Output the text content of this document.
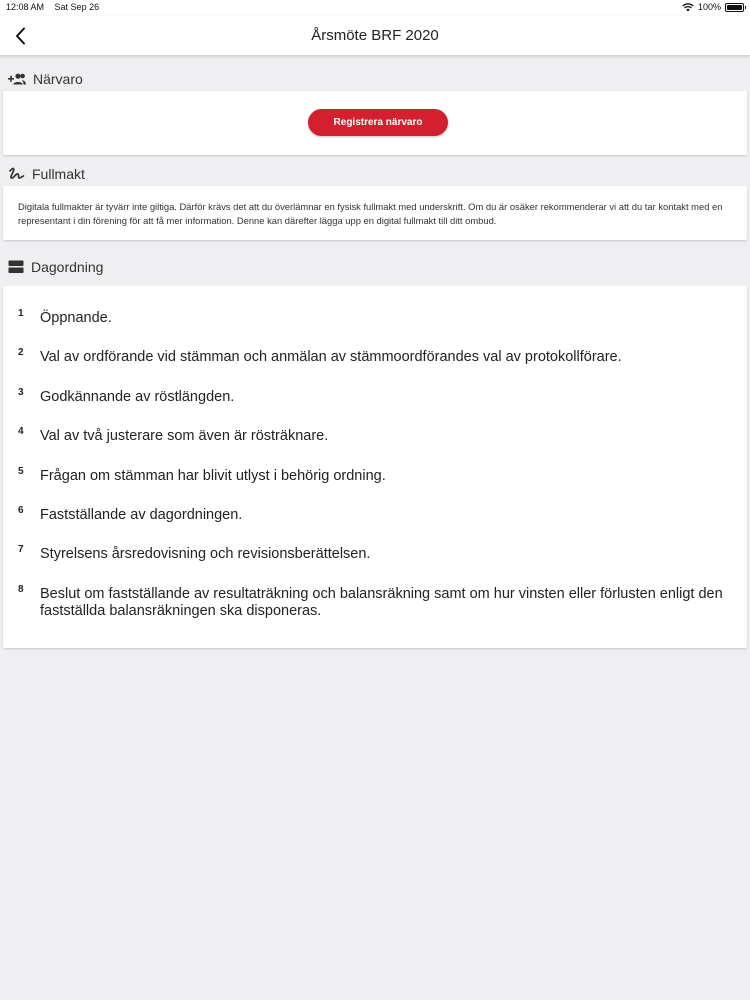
12:08 AM Sat Sep 26	100%
Årsmöte BRF 2020
Närvaro
Registrera närvaro
Fullmakt
Digitala fullmakter är tyvärr inte giltiga. Därför krävs det att du överlämnar en fysisk fullmakt med underskrift. Om du är osäker rekommenderar vi att du tar kontakt med en representant i din förening för att få mer information. Denne kan därefter lägga upp en digital fullmakt till ditt ombud.
Dagordning
1 Öppnande.
2 Val av ordförande vid stämman och anmälan av stämmoordförandes val av protokollförare.
3 Godkännande av röstlängden.
4 Val av två justerare som även är rösträknare.
5 Frågan om stämman har blivit utlyst i behörig ordning.
6 Fastställande av dagordningen.
7 Styrelsens årsredovisning och revisionsberättelsen.
8 Beslut om fastställande av resultaträkning och balansräkning samt om hur vinsten eller förlusten enligt den fastställda balansräkningen ska disponeras.
